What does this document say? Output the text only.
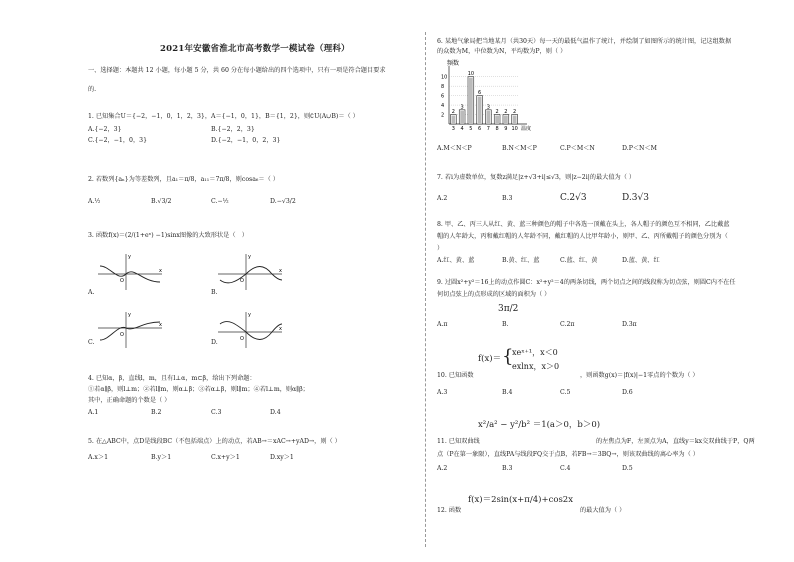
2021年安徽省淮北市高考数学一模试卷（理科）
一、选择题：本题共 12 小题，每小题 5 分，共 60 分在每小题给出的四个选项中，只有一项是符合题目要求
的.
1. 已知集合U＝{−2，−1，0，1，2，3}，A＝{−1，0，1}，B＝{1，2}，则∁U(A∪B)＝（ ）
A.{−2，3}	B.{−2，2，3}
C.{−2，−1，0，3}	D.{−2，−1，0，2，3}
2. 若数列{aₙ}为等差数列，且a₁＝π/8，a₁₁＝7π/8，则cosa₆＝（ ）
A.½	B.√3/2	C.−½	D.−√3/2
3. 函数f(x)＝(2/(1+eˣ) −1)sinx图像的大致形状是（　）
O
x
y
A.
O
x
y
B.
O
x
y
C.	O
x
y
D.
4. 已知α，β，直线l，m，且有l⊥α，m⊂β，给出下列命题：
①若α∥β，则l⊥m；②若l∥m，则α⊥β；③若α⊥β，则l∥m；④若l⊥m，则α∥β；
其中，正确命题的个数是（ ）
A.1	B.2	C.3	D.4
5. 在△ABC中，点D是线段BC（不包括端点）上的动点，若AB→＝xAC→+yAD→，则（ ）
A.x＞1	B.y＞1	C.x+y＞1	D.xy＞1
6. 某地气象局把当地某月（共30天）每一天的最低气温作了统计，并绘制了如图所示的统计图，记这组数据
的众数为M，中位数为N，平均数为P，则（ ）
频数
温度
2
4
6
8
10
2
3
3
4
10
5
6
6
3
7
2
8
2
9
2
10
A.M＜N＜P	B.N＜M＜P	C.P＜M＜N	D.P＜N＜M
7. 若i为虚数单位，复数z满足|z+√3+i|≤√3，则|z−2i|的最大值为（ ）
A.2	B.3	C.2√3	D.3√3
8. 甲、乙、丙三人从红、黄、蓝三种颜色的帽子中各选一顶戴在头上，各人帽子的颜色互不相同，乙比戴蓝
帽的人年龄大，丙和戴红帽的人年龄不同，戴红帽的人比甲年龄小，则甲、乙、丙所戴帽子的颜色分别为（
）
A.红、黄、蓝	B.黄、红、蓝	C.蓝、红、黄	D.蓝、黄、红
9. 过圆x²+y²＝16上的动点作圆C：x²+y²＝4的两条切线，两个切点之间的线段称为切点弦，则圆C内不在任
何切点弦上的点形成的区域的面积为（ ）
3π/2
A.π	B.	C.2π	D.3π
10. 已知函数
f(x)＝ {
xeˣ⁺¹，x＜0
exlnx，x＞0
，则函数g(x)＝|f(x)|−1零点的个数为（ ）
A.3	B.4	C.5	D.6
11. 已知双曲线
x²/a² − y²/b² ＝1(a＞0，b＞0)
的左焦点为F，左顶点为A，直线y＝kx交双曲线于P，Q两
点（P在第一象限），直线PA与线段FQ交于点B，若FB→＝3BQ→，则该双曲线的离心率为（ ）
A.2	B.3	C.4	D.5
12. 函数
f(x)＝2sin(x+π/4)+cos2x
的最大值为（ ）
